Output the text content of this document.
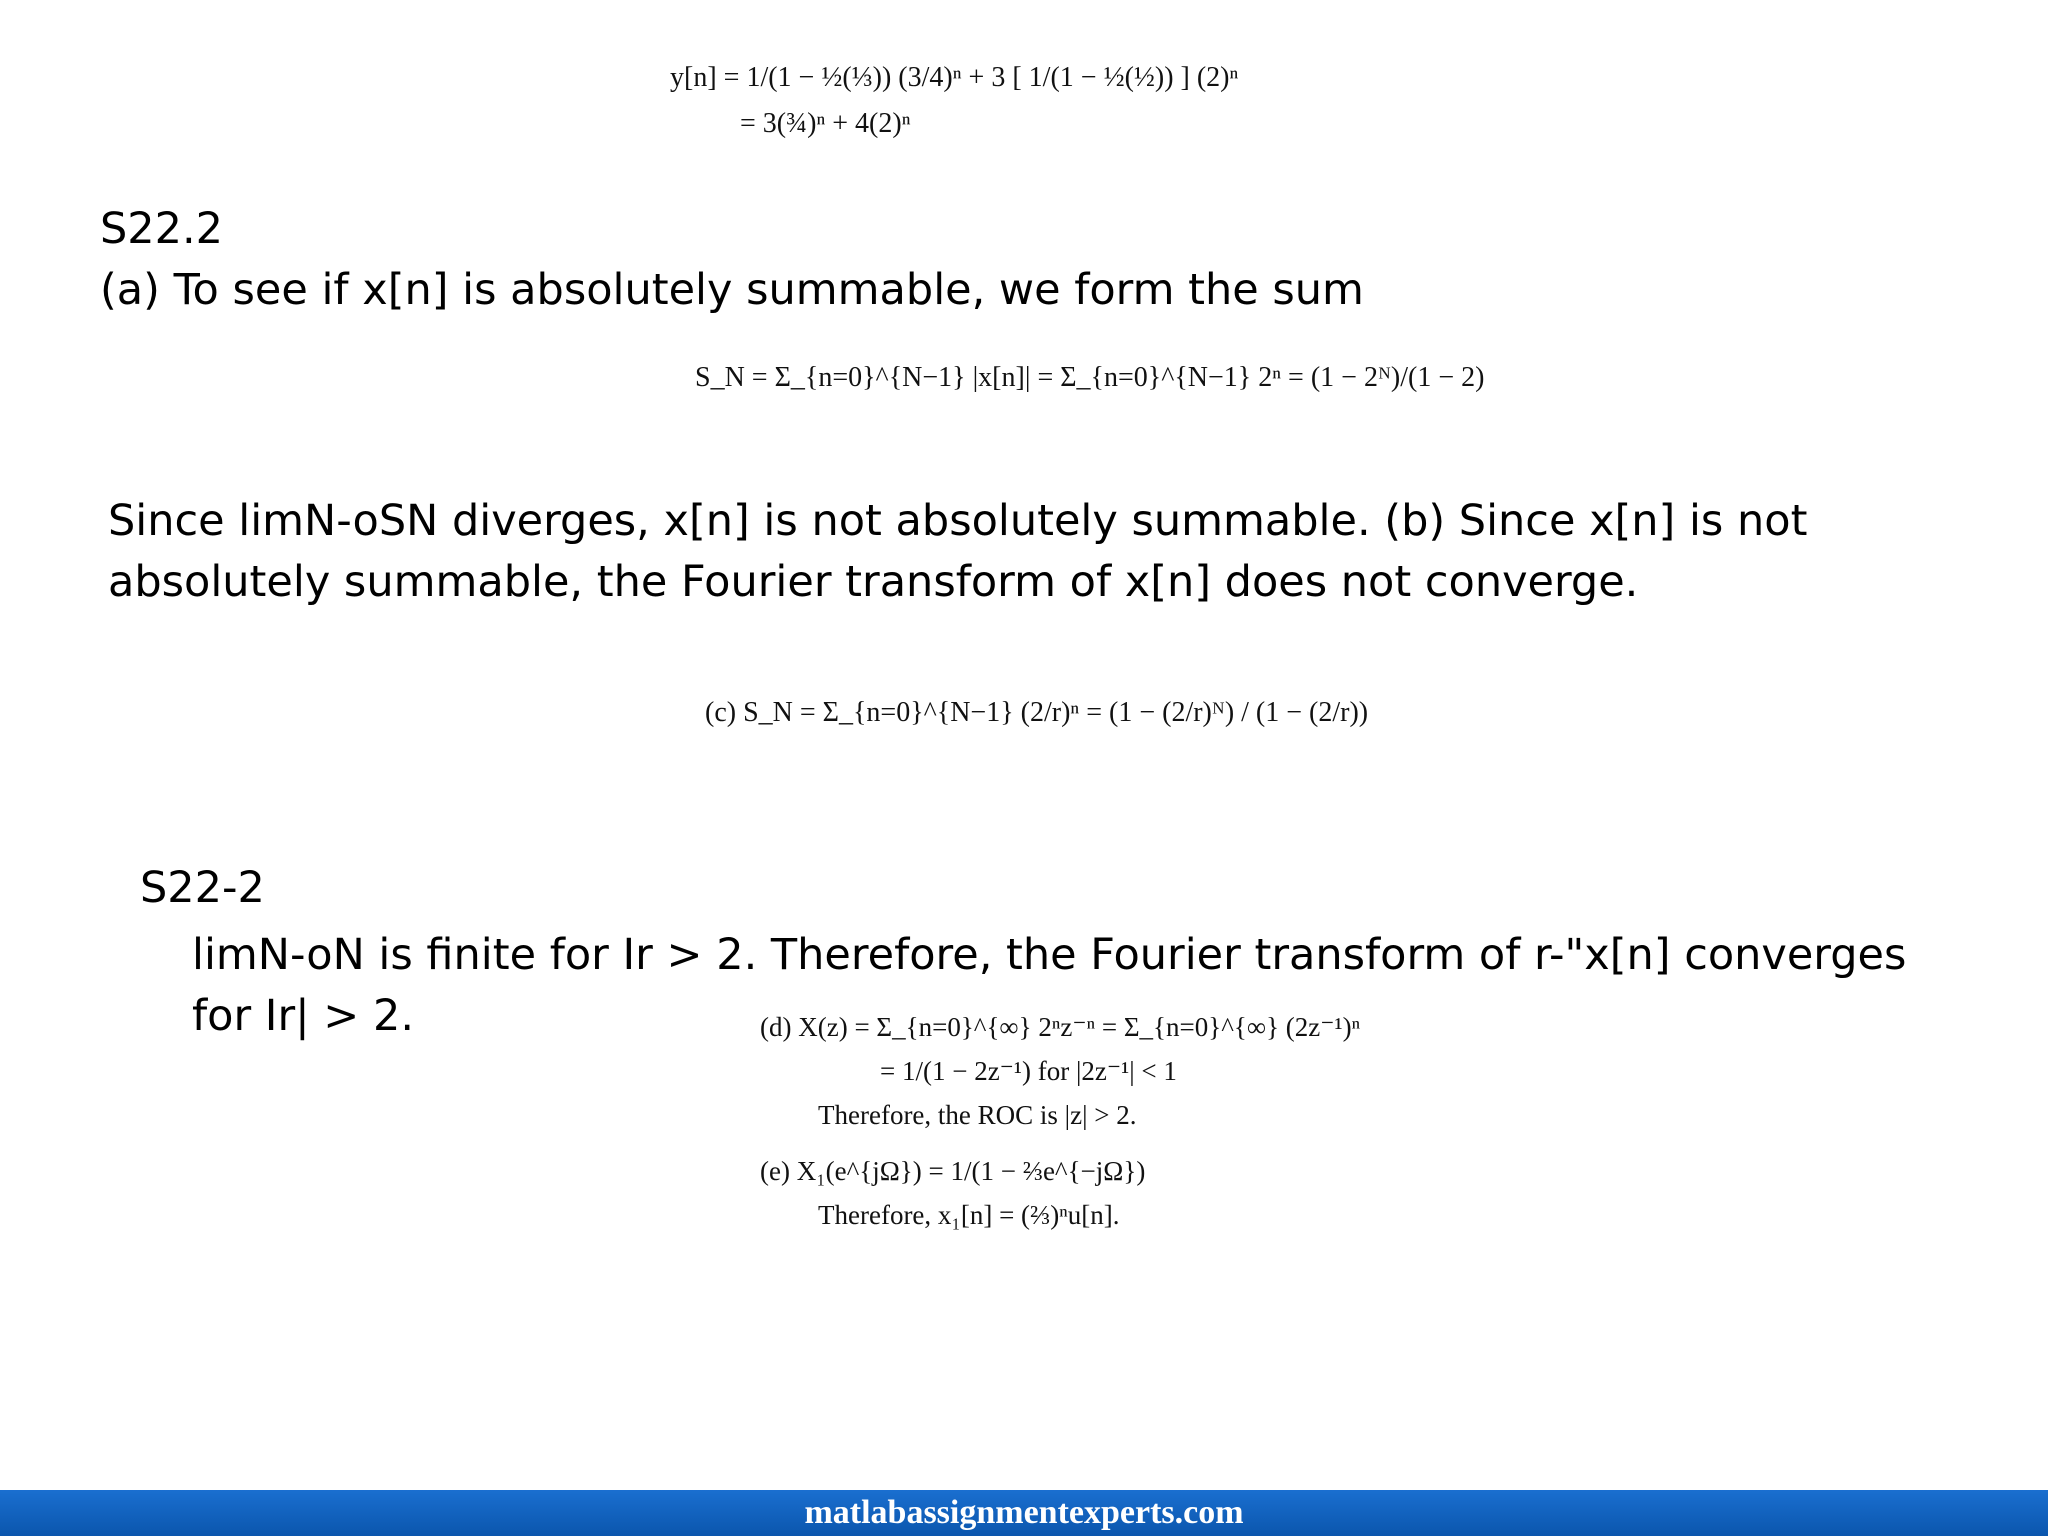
y[n] = 1/(1 − ½(⅓)) (3/4)ⁿ + 3 [ 1/(1 − ½(½)) ] (2)ⁿ
= 3(¾)ⁿ + 4(2)ⁿ

S22.2

(a) To see if x[n] is absolutely summable, we form the sum

S_N = Σ_{n=0}^{N−1} |x[n]| = Σ_{n=0}^{N−1} 2ⁿ = (1 − 2ᴺ)/(1 − 2)

Since limN-oSN diverges, x[n] is not absolutely summable. (b) Since x[n] is not

absolutely summable, the Fourier transform of x[n] does not converge.

(c) S_N = Σ_{n=0}^{N−1} (2/r)ⁿ = (1 − (2/r)ᴺ) / (1 − (2/r))

S22-2

limN-oN is finite for Ir > 2. Therefore, the Fourier transform of r-"x[n] converges

for Ir| > 2.	(d) X(z) = Σ_{n=0}^{∞} 2ⁿz⁻ⁿ = Σ_{n=0}^{∞} (2z⁻¹)ⁿ
= 1/(1 − 2z⁻¹) for |2z⁻¹| < 1
Therefore, the ROC is |z| > 2.
(e) X₁(e^{jΩ}) = 1/(1 − ⅔e^{−jΩ})
Therefore, x₁[n] = (⅔)ⁿu[n].
matlabassignmentexperts.com
